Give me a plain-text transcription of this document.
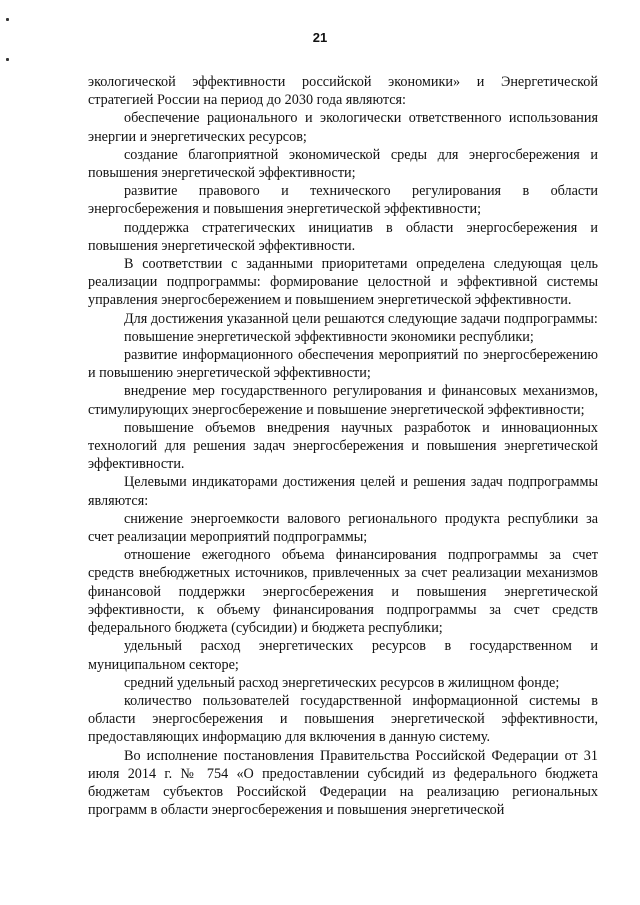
21

экологической эффективности российской экономики» и Энергетической стратегией России на период до 2030 года являются:

обеспечение рационального и экологически ответственного использования энергии и энергетических ресурсов;

создание благоприятной экономической среды для энергосбережения и повышения энергетической эффективности;

развитие правового и технического регулирования в области энергосбережения и повышения энергетической эффективности;

поддержка стратегических инициатив в области энергосбережения и повышения энергетической эффективности.

В соответствии с заданными приоритетами определена следующая цель реализации подпрограммы: формирование целостной и эффективной системы управления энергосбережением и повышением энергетической эффективности.

Для достижения указанной цели решаются следующие задачи подпрограммы:

повышение энергетической эффективности экономики республики;

развитие информационного обеспечения мероприятий по энергосбережению и повышению энергетической эффективности;

внедрение мер государственного регулирования и финансовых механизмов, стимулирующих энергосбережение и повышение энергетической эффективности;

повышение объемов внедрения научных разработок и инновационных технологий для решения задач энергосбережения и повышения энергетической эффективности.

Целевыми индикаторами достижения целей и решения задач подпрограммы являются:

снижение энергоемкости валового регионального продукта республики за счет реализации мероприятий подпрограммы;

отношение ежегодного объема финансирования подпрограммы за счет средств внебюджетных источников, привлеченных за счет реализации механизмов финансовой поддержки энергосбережения и повышения энергетической эффективности, к объему финансирования подпрограммы за счет средств федерального бюджета (субсидии) и бюджета республики;

удельный расход энергетических ресурсов в государственном и муниципальном секторе;

средний удельный расход энергетических ресурсов в жилищном фонде;

количество пользователей государственной информационной системы в области энергосбережения и повышения энергетической эффективности, предоставляющих информацию для включения в данную систему.

Во исполнение постановления Правительства Российской Федерации от 31 июля 2014 г. № 754 «О предоставлении субсидий из федерального бюджета бюджетам субъектов Российской Федерации на реализацию региональных программ в области энергосбережения и повышения энергетической
